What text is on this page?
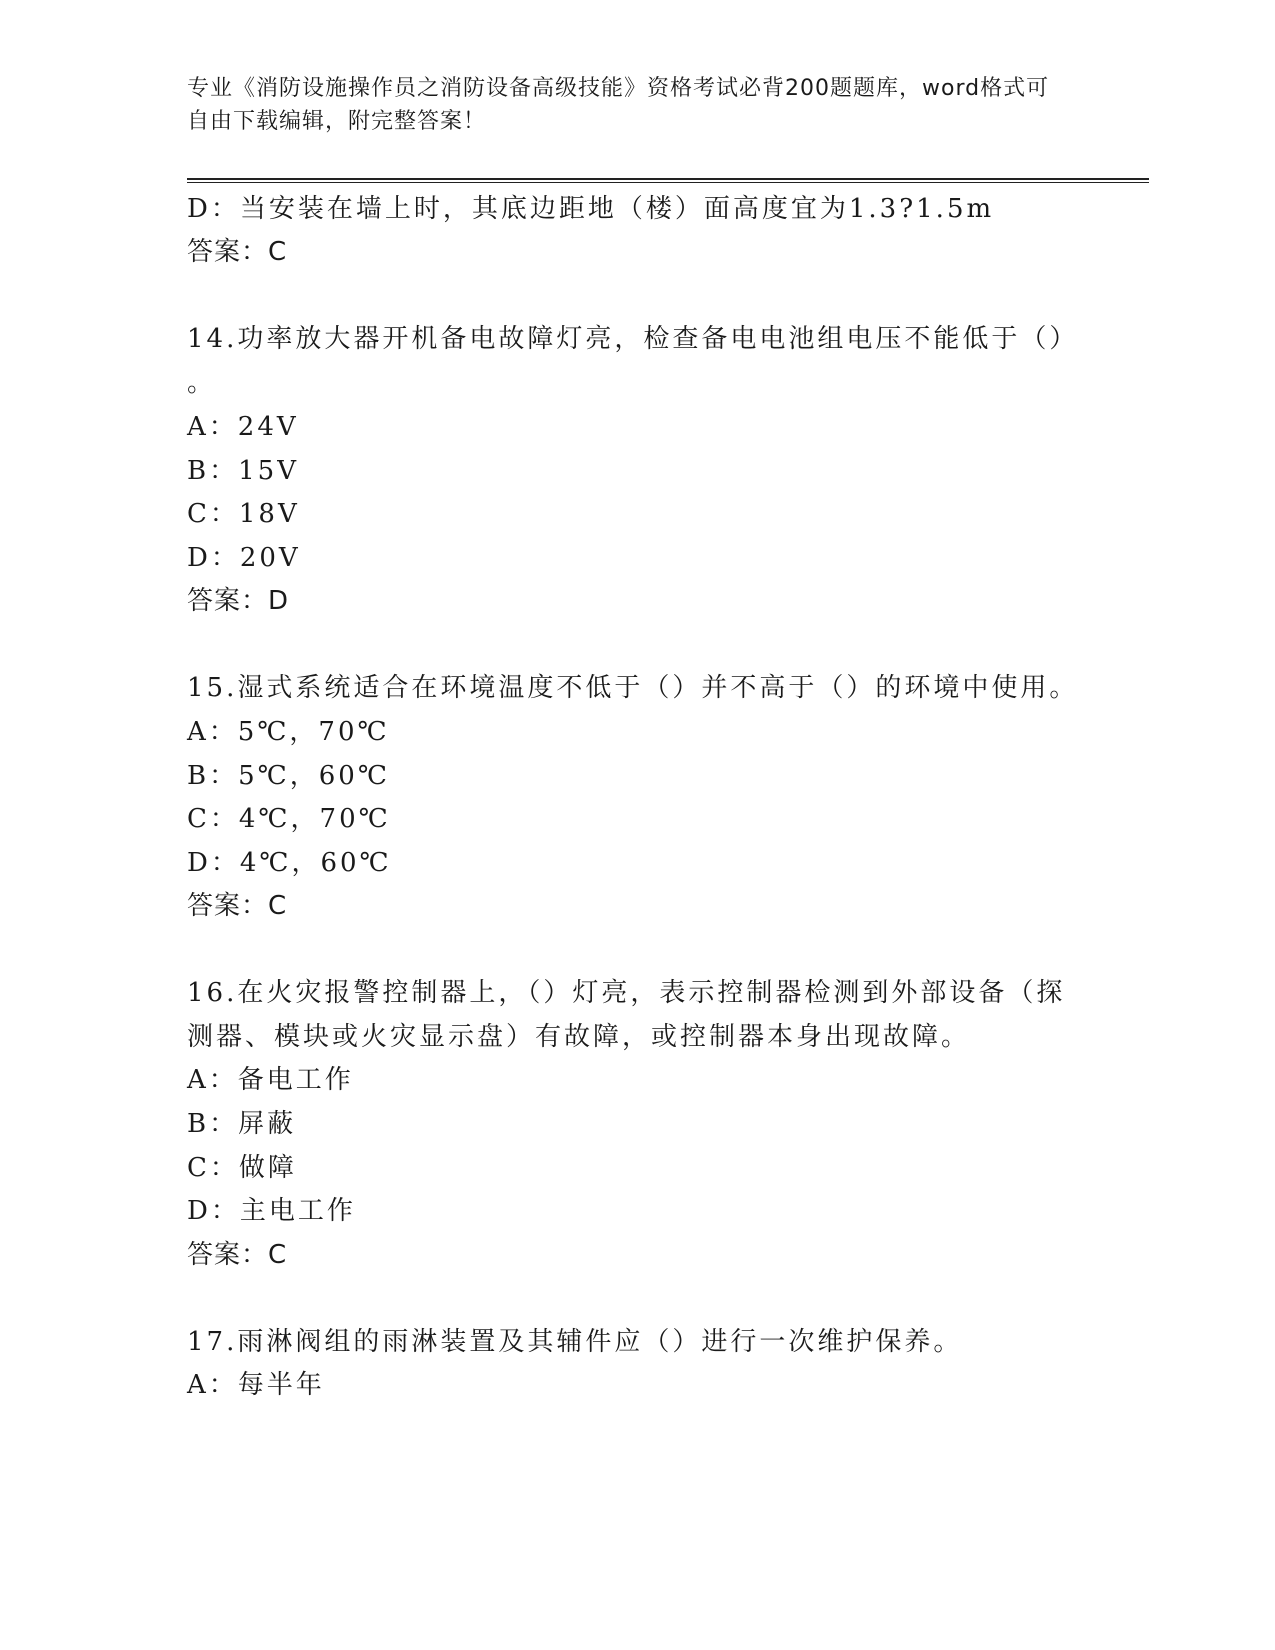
专业《消防设施操作员之消防设备高级技能》资格考试必背200题题库，word格式可自由下载编辑，附完整答案！
D：当安装在墙上时，其底边距地（楼）面高度宜为1.3?1.5m
答案：C
14.功率放大器开机备电故障灯亮，检查备电电池组电压不能低于（）
。
A：24V
B：15V
C：18V
D：20V
答案：D
15.湿式系统适合在环境温度不低于（）并不高于（）的环境中使用。
A：5℃，70℃
B：5℃，60℃
C：4℃，70℃
D：4℃，60℃
答案：C
16.在火灾报警控制器上，（）灯亮，表示控制器检测到外部设备（探
测器、模块或火灾显示盘）有故障，或控制器本身出现故障。
A：备电工作
B：屏蔽
C：做障
D：主电工作
答案：C
17.雨淋阀组的雨淋装置及其辅件应（）进行一次维护保养。
A：每半年
